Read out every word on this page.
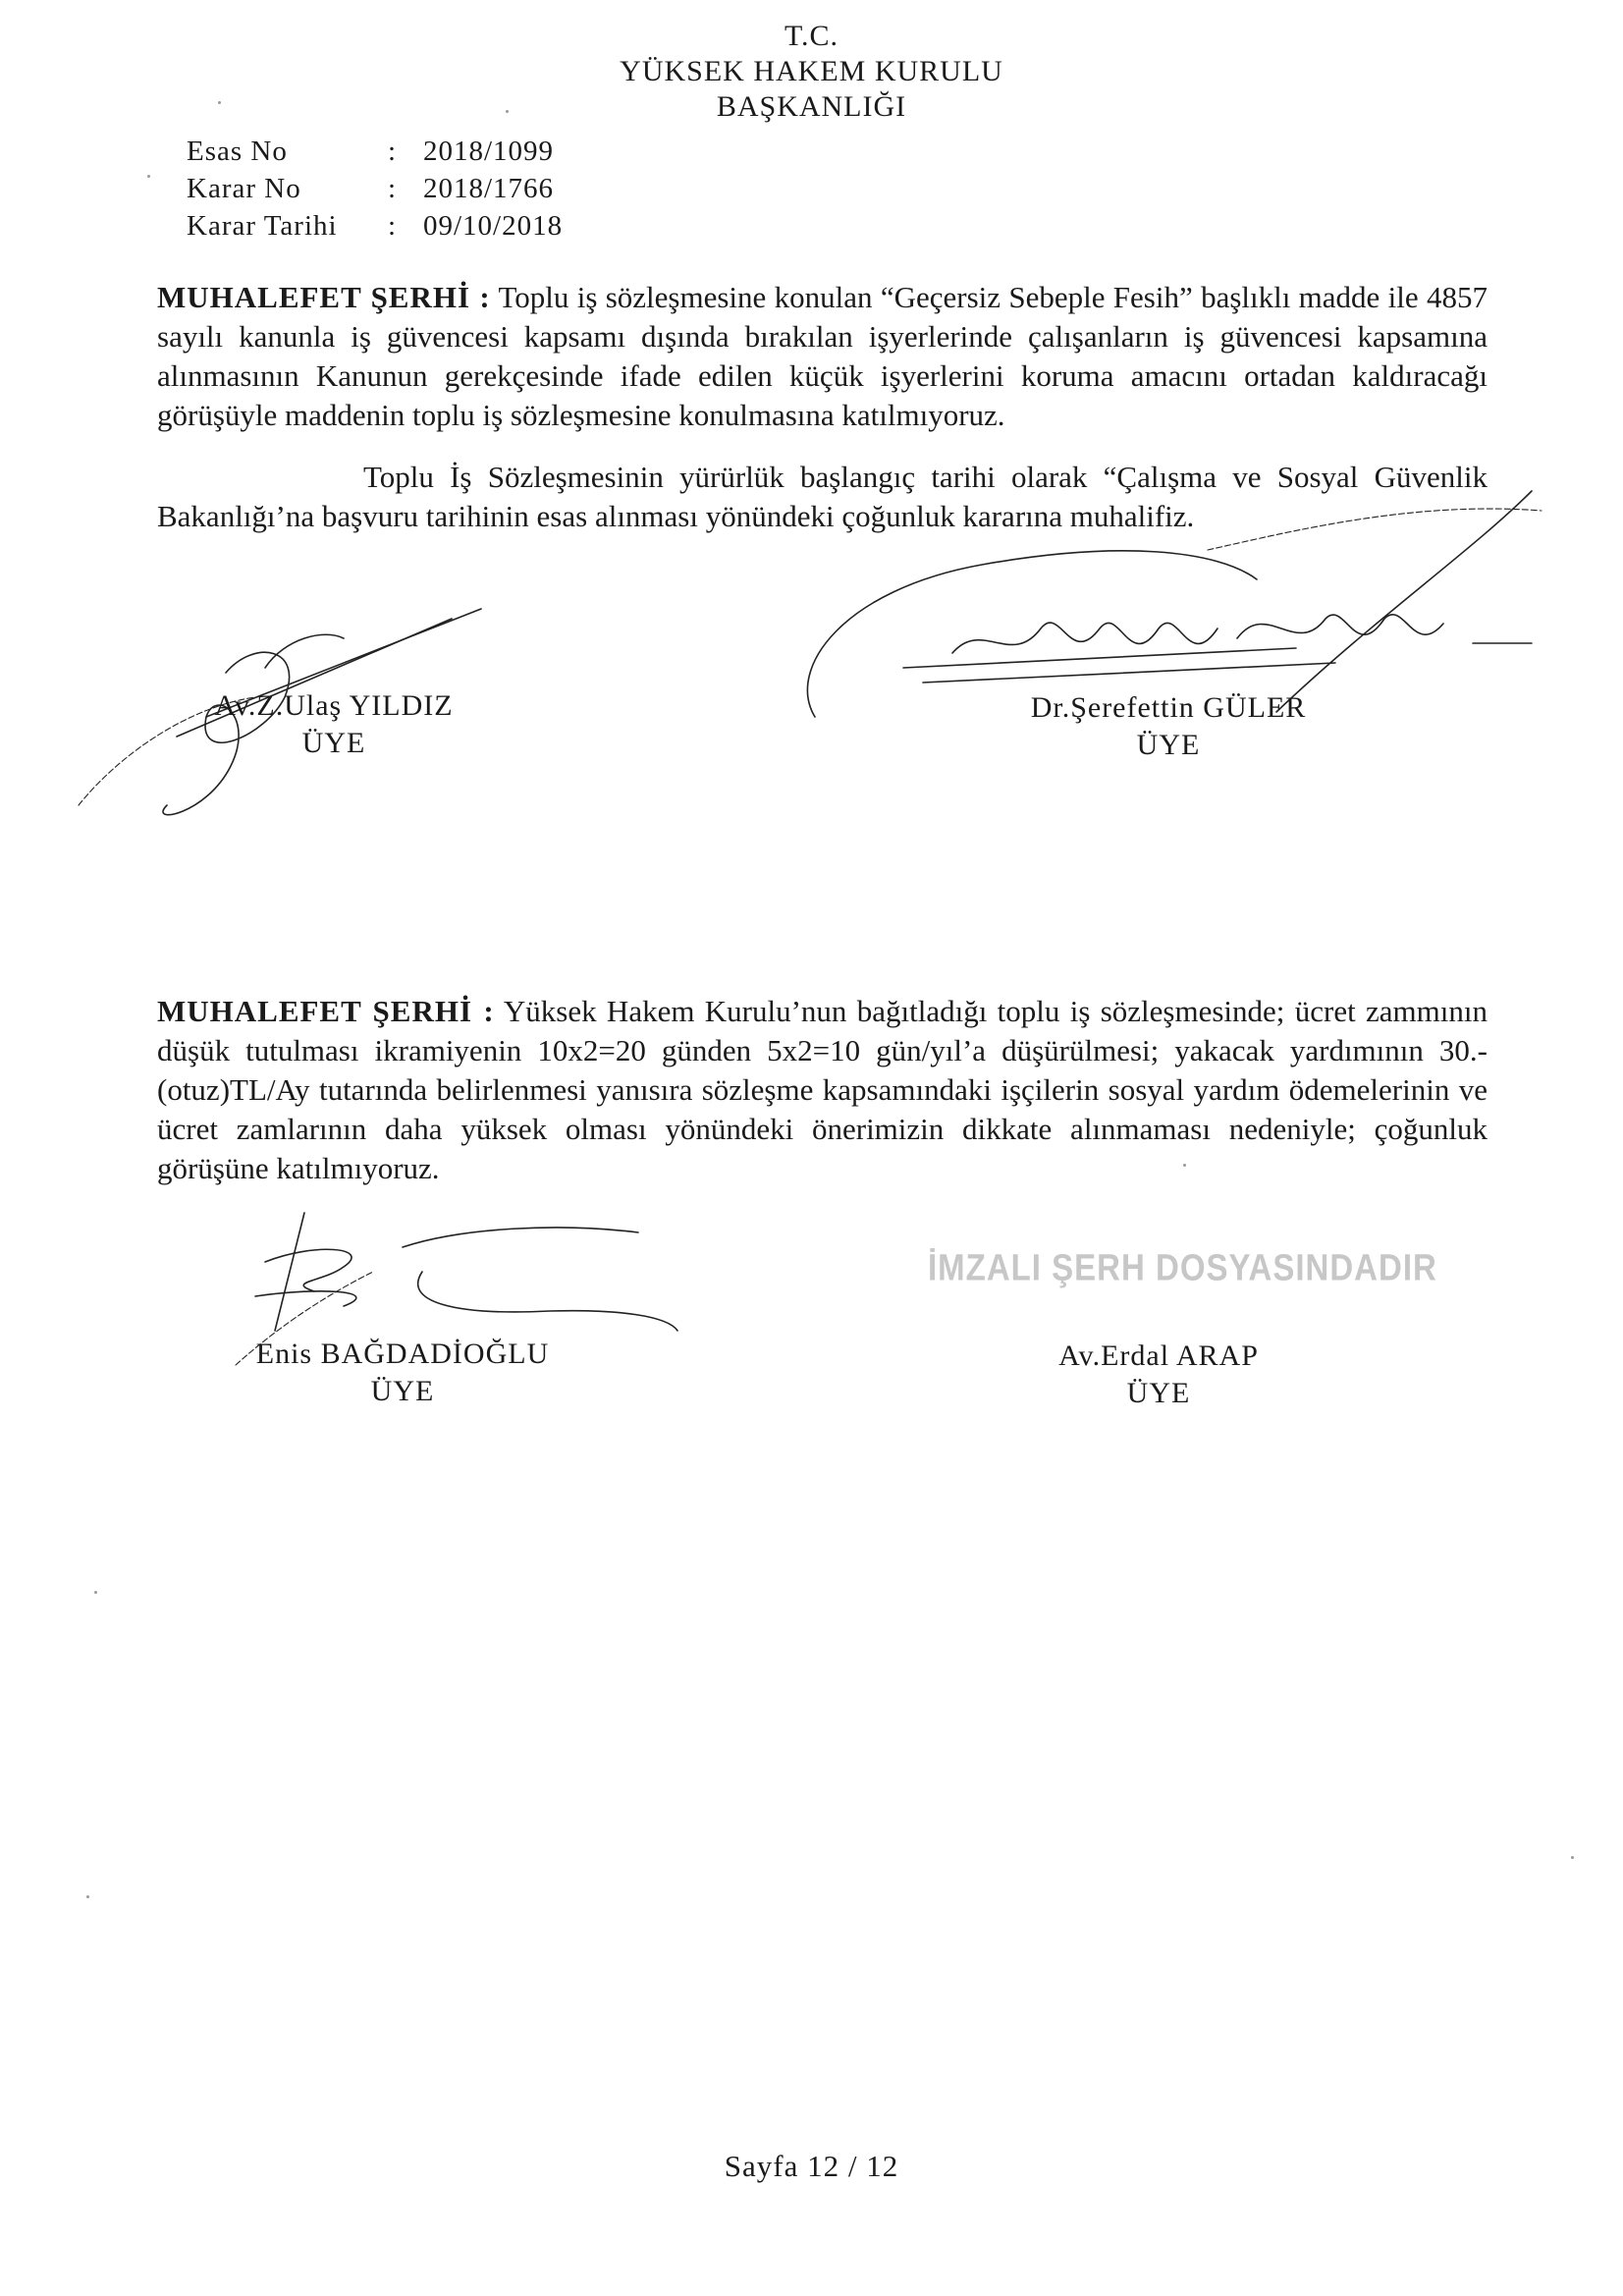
T.C.
YÜKSEK HAKEM KURULU
BAŞKANLIĞI
Esas No	: 2018/1099
Karar No	: 2018/1766
Karar Tarihi	: 09/10/2018
MUHALEFET ŞERHİ : Toplu iş sözleşmesine konulan “Geçersiz Sebeple Fesih” başlıklı madde ile 4857 sayılı kanunla iş güvencesi kapsamı dışında bırakılan işyerlerinde çalışanların iş güvencesi kapsamına alınmasının Kanunun gerekçesinde ifade edilen küçük işyerlerini koruma amacını ortadan kaldıracağı görüşüyle maddenin toplu iş sözleşmesine konulmasına katılmıyoruz.
Toplu İş Sözleşmesinin yürürlük başlangıç tarihi olarak “Çalışma ve Sosyal Güvenlik Bakanlığı’na başvuru tarihinin esas alınması yönündeki çoğunluk kararına muhalifiz.
Av.Z.Ulaş YILDIZ
ÜYE
Dr.Şerefettin GÜLER
ÜYE
MUHALEFET ŞERHİ : Yüksek Hakem Kurulu’nun bağıtladığı toplu iş sözleşmesinde; ücret zammının düşük tutulması ikramiyenin 10x2=20 günden 5x2=10 gün/yıl’a düşürülmesi; yakacak yardımının 30.-(otuz)TL/Ay tutarında belirlenmesi yanısıra sözleşme kapsamındaki işçilerin sosyal yardım ödemelerinin ve ücret zamlarının daha yüksek olması yönündeki önerimizin dikkate alınmaması nedeniyle; çoğunluk görüşüne katılmıyoruz.
İMZALI ŞERH DOSYASINDADIR
Enis BAĞDADİOĞLU
ÜYE
Av.Erdal ARAP
ÜYE
Sayfa 12 / 12
